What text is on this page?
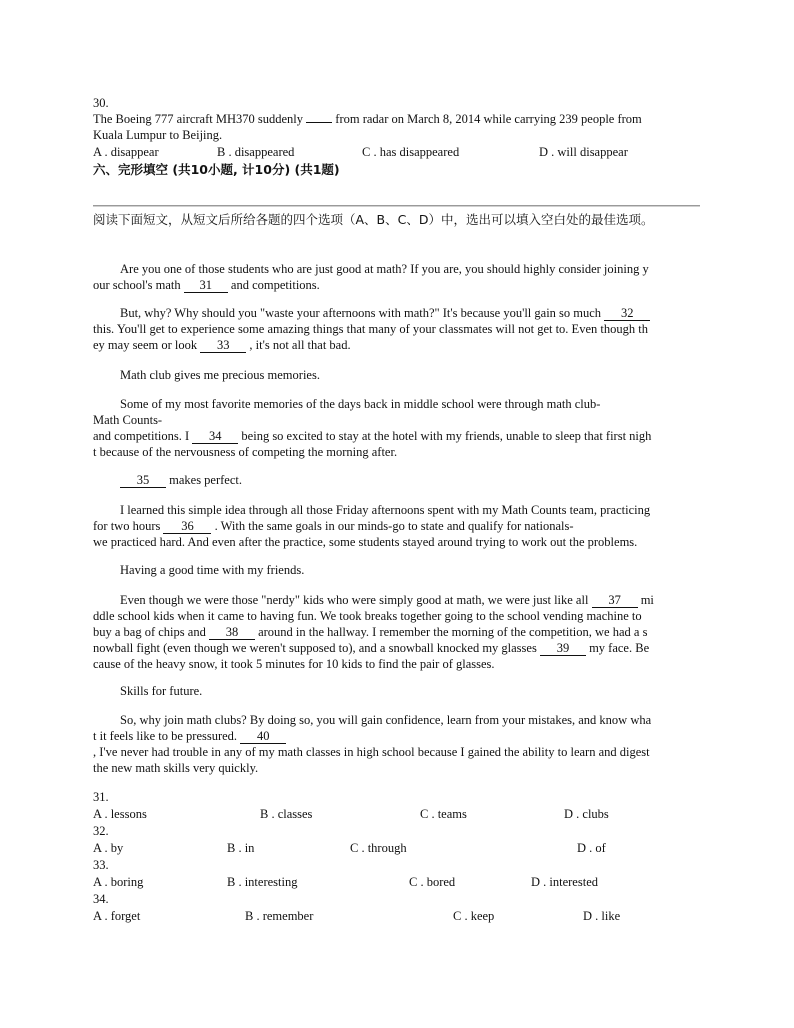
30.
The Boeing 777 aircraft MH370 suddenly  from radar on March 8, 2014 while carrying 239 people from
Kuala Lumpur to Beijing.
A . disappear	B . disappeared	C . has disappeared	D . will disappear
六、完形填空 (共10小题, 计10分) (共1题)
阅读下面短文，从短文后所给各题的四个选项（A、B、C、D）中，选出可以填入空白处的最佳选项。
Are you one of those students who are just good at math? If you are, you should highly consider joining y
our school's math 31 and competitions.
But, why? Why should you "waste your afternoons with math?" It's because you'll gain so much 32
this. You'll get to experience some amazing things that many of your classmates will not get to. Even though th
ey may seem or look 33 , it's not all that bad.
Math club gives me precious memories.
Some of my most favorite memories of the days back in middle school were through math club-
Math Counts-
and competitions. I 34 being so excited to stay at the hotel with my friends, unable to sleep that first nigh
t because of the nervousness of competing the morning after.
35 makes perfect.
I learned this simple idea through all those Friday afternoons spent with my Math Counts team, practicing
for two hours 36 . With the same goals in our minds-go to state and qualify for nationals-
we practiced hard. And even after the practice, some students stayed around trying to work out the problems.
Having a good time with my friends.
Even though we were those "nerdy" kids who were simply good at math, we were just like all 37 mi
ddle school kids when it came to having fun. We took breaks together going to the school vending machine to
buy a bag of chips and 38 around in the hallway. I remember the morning of the competition, we had a s
nowball fight (even though we weren't supposed to), and a snowball knocked my glasses 39 my face. Be
cause of the heavy snow, it took 5 minutes for 10 kids to find the pair of glasses.
Skills for future.
So, why join math clubs? By doing so, you will gain confidence, learn from your mistakes, and know wha
t it feels like to be pressured. 40
, I've never had trouble in any of my math classes in high school because I gained the ability to learn and digest
the new math skills very quickly.
31.
A . lessons	B . classes	C . teams	D . clubs
32.
A . by	B . in	C . through	D . of
33.
A . boring	B . interesting	C . bored	D . interested
34.
A . forget	B . remember	C . keep	D . like
